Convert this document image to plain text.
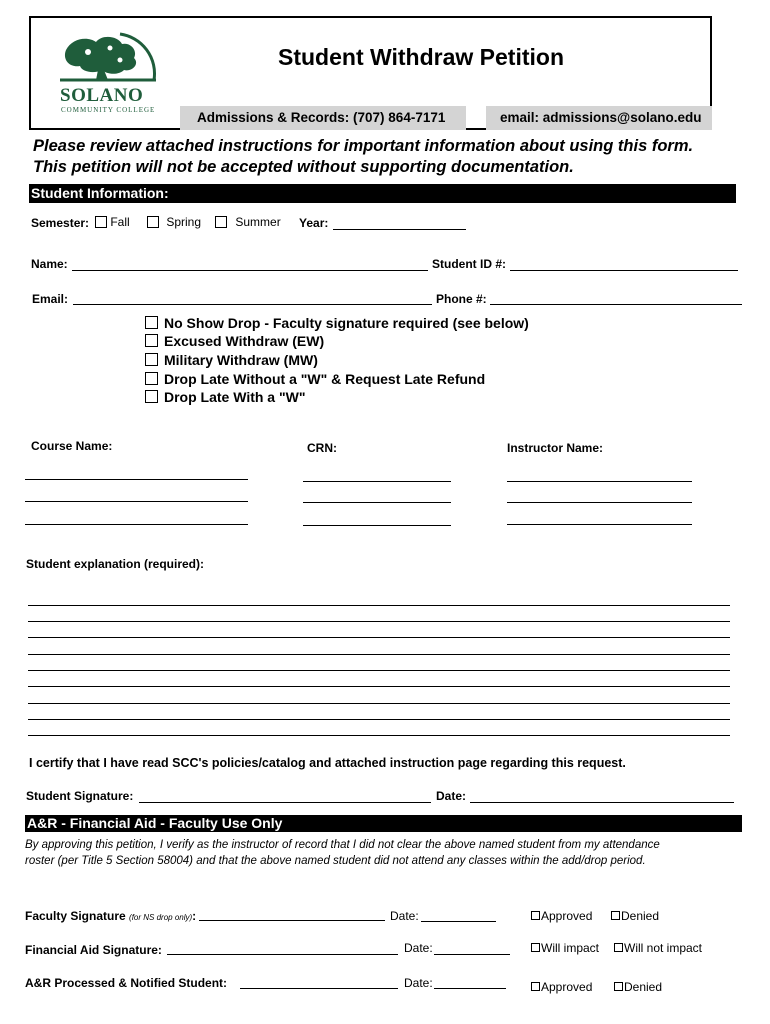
SOLANO
COMMUNITY COLLEGE
Student Withdraw Petition
Admissions & Records: (707) 864-7171	email: admissions@solano.edu
Please review attached instructions for important information about using this form.
This petition will not be accepted without supporting documentation.
Student Information:
Semester:	Fall	Spring	Summer Year:
Name:	Student ID #:
Email:	Phone #:
No Show Drop - Faculty signature required (see below)
Excused Withdraw (EW)
Military Withdraw (MW)
Drop Late Without a "W" & Request Late Refund
Drop Late With a "W"
Course Name:	CRN:	Instructor Name:
Student explanation (required):
I certify that I have read SCC's policies/catalog and attached instruction page regarding this request.
Student Signature:	Date:
A&R - Financial Aid - Faculty Use Only
By approving this petition, I verify as the instructor of record that I did not clear the above named student from my attendance
roster (per Title 5 Section 58004) and that the above named student did not attend any classes within the add/drop period.
Faculty Signature (for NS drop only):	Date:	Approved	Denied
Financial Aid Signature:	Date:	Will impact	Will not impact
A&R Processed & Notified Student:	Date:	Approved	Denied
